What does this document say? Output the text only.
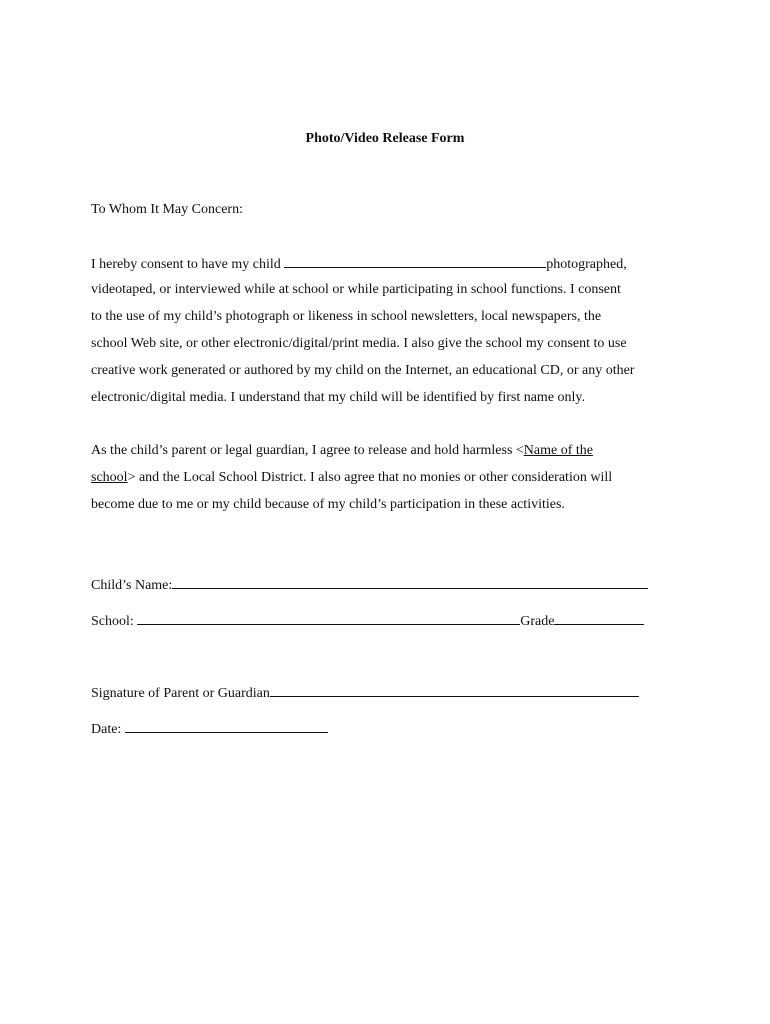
Photo/Video Release Form

To Whom It May Concern:

I hereby consent to have my child	photographed,

videotaped, or interviewed while at school or while participating in school functions. I consent

to the use of my child’s photograph or likeness in school newsletters, local newspapers, the

school Web site, or other electronic/digital/print media. I also give the school my consent to use

creative work generated or authored by my child on the Internet, an educational CD, or any other

electronic/digital media. I understand that my child will be identified by first name only.

As the child’s parent or legal guardian, I agree to release and hold harmless <Name of the

school> and the Local School District. I also agree that no monies or other consideration will

become due to me or my child because of my child’s participation in these activities.

Child’s Name:

School:	Grade

Signature of Parent or Guardian

Date:
